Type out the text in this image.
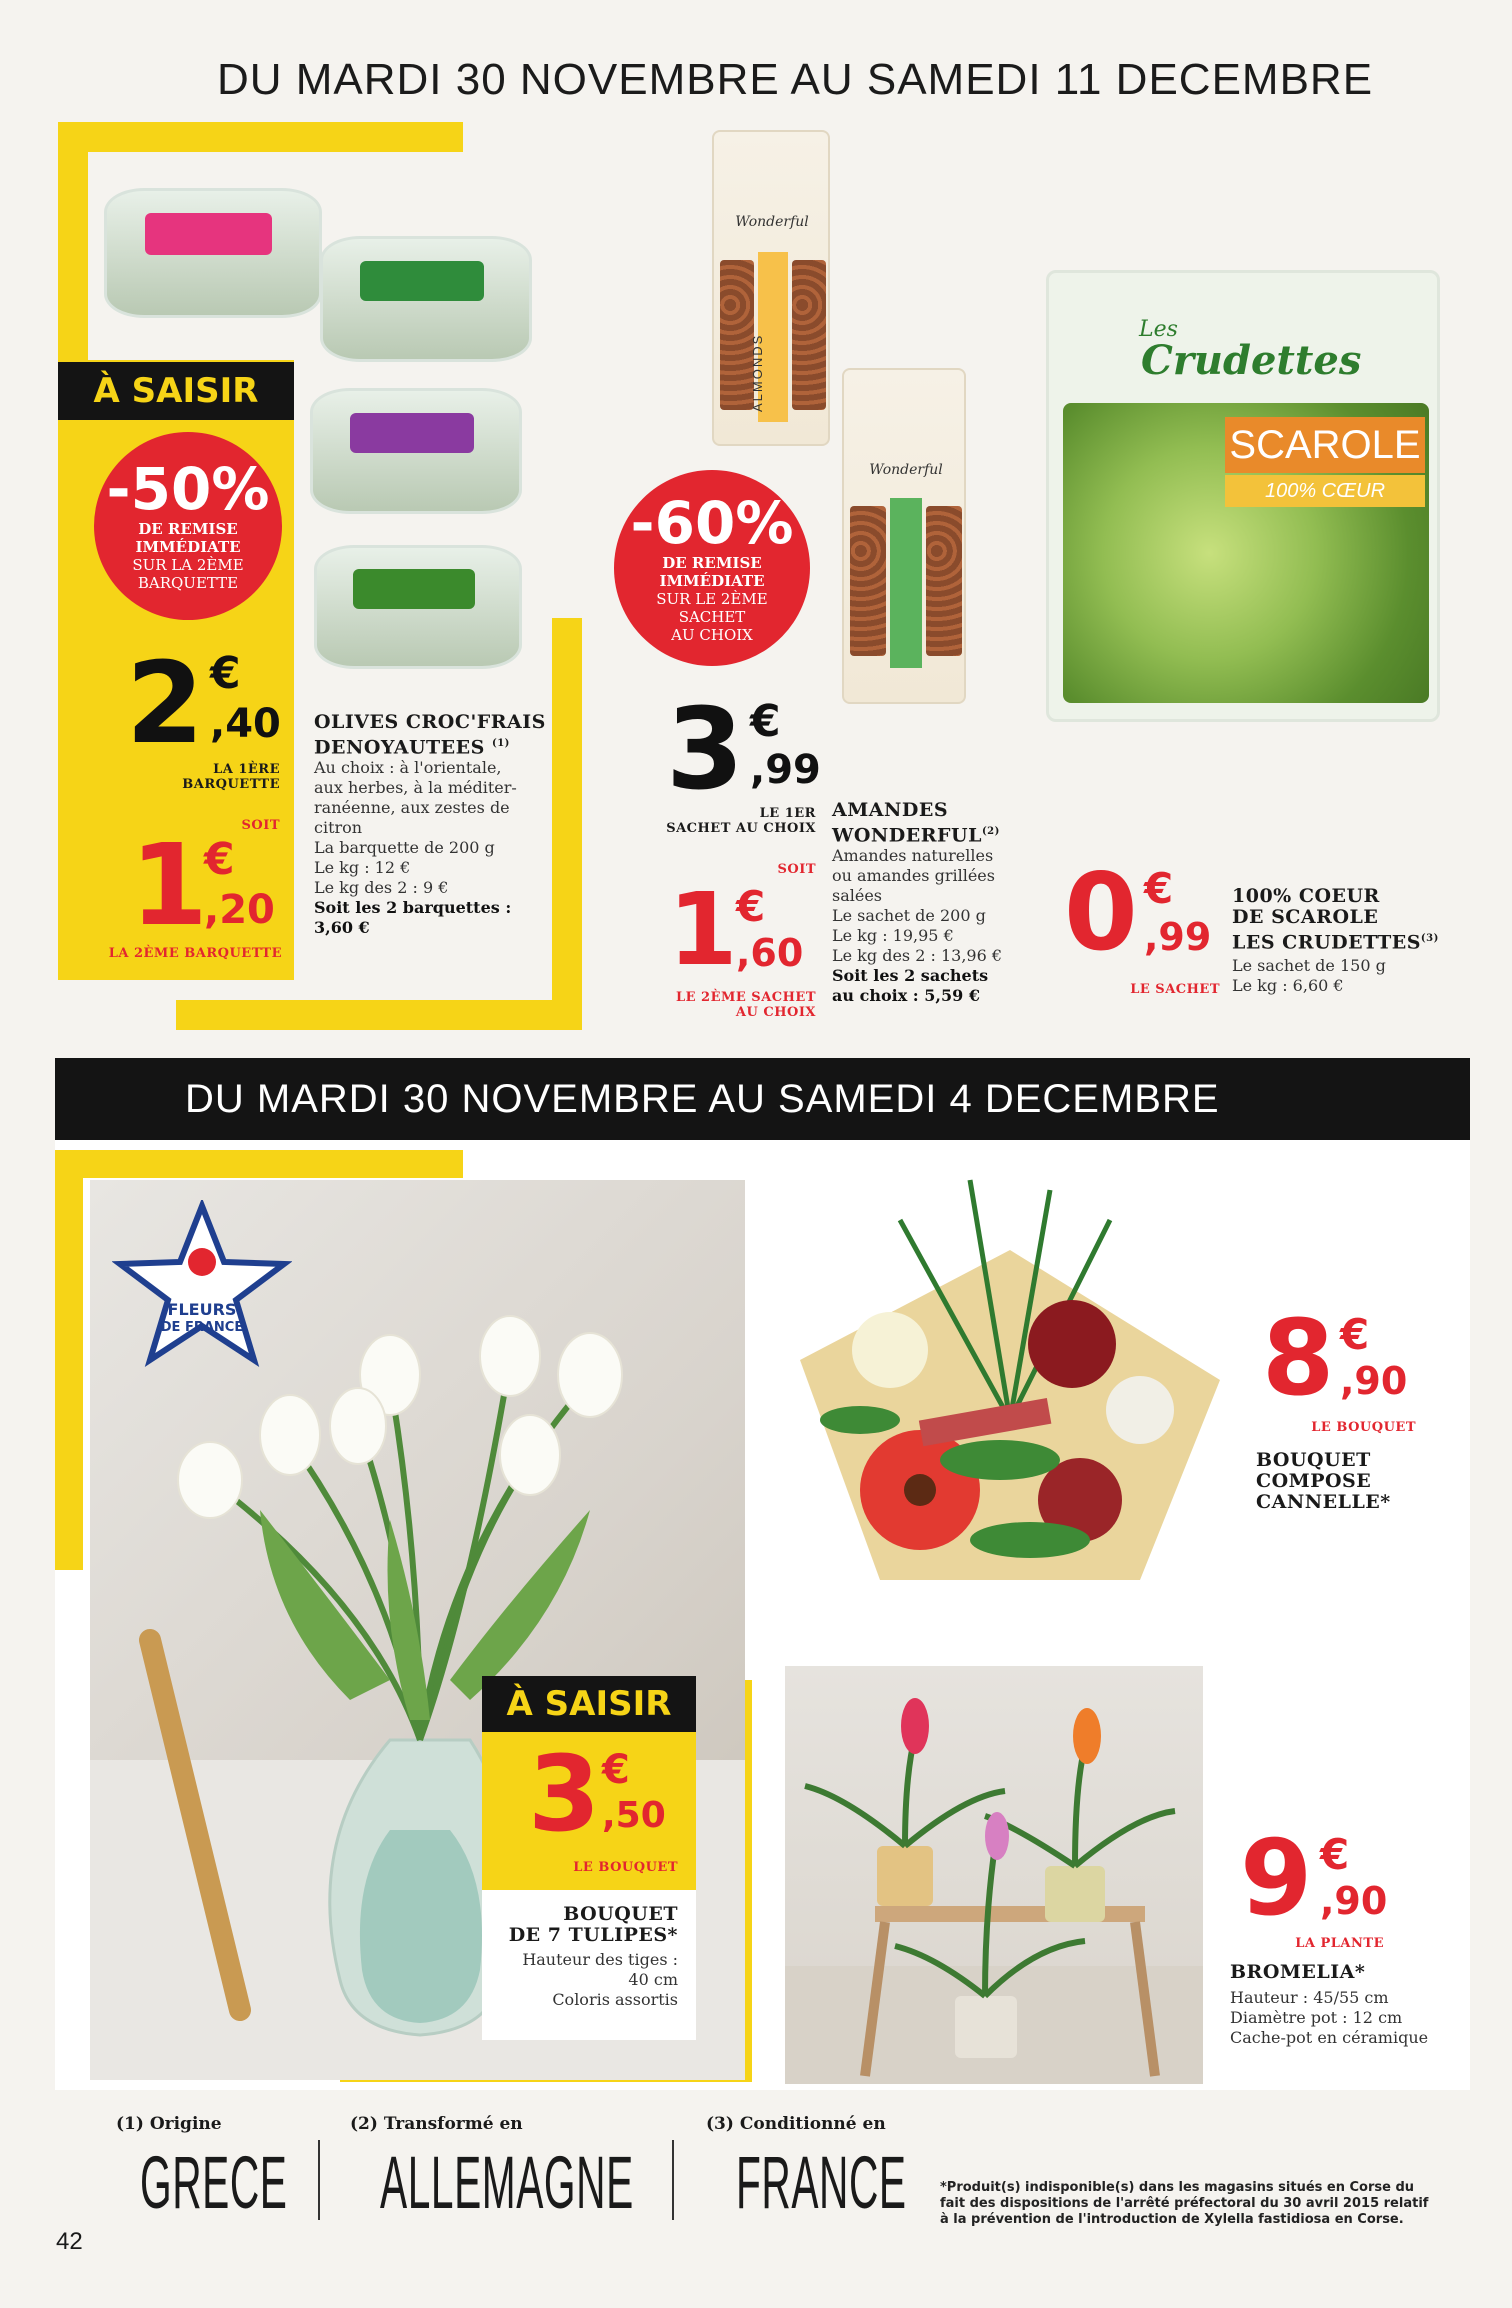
DU MARDI 30 NOVEMBRE AU SAMEDI 11 DECEMBRE
À SAISIR
-50%
DE REMISE
IMMÉDIATE
SUR LA 2ÈME
BARQUETTE
2 €
,40
LA 1ÈRE
BARQUETTE
SOIT
1
€
,20
LA 2ÈME BARQUETTE
OLIVES CROC'FRAIS
DENOYAUTEES $^{(1)}$
Au choix : à l'orientale,
aux herbes, à la méditer-
ranéenne, aux zestes de
citron
La barquette de 200 g
Le kg : 12 €
Le kg des 2 : 9 €
Soit les 2 barquettes :
3,60 €
Wonderful
ALMONDS
Wonderful
-60%
DE REMISE
IMMÉDIATE
SUR LE 2ÈME
SACHET
AU CHOIX
3 €
,99
LE 1ER
SACHET AU CHOIX
SOIT
1
€
,60
LE 2ÈME SACHET
AU CHOIX
AMANDES
WONDERFUL$^{(2)}$
Amandes naturelles
ou amandes grillées
salées
Le sachet de 200 g
Le kg : 19,95 €
Le kg des 2 : 13,96 €
Soit les 2 sachets
au choix : 5,59 €
Les
Crudettes
SCAROLE
100% CŒUR
0 €
,99
LE SACHET
100% COEUR
DE SCAROLE
LES CRUDETTES$^{(3)}$
Le sachet de 150 g
Le kg : 6,60 €
DU MARDI 30 NOVEMBRE AU SAMEDI 4 DECEMBRE
FLEURS
DE FRANCE
À SAISIR
3 €
,50
LE BOUQUET
BOUQUET
DE 7 TULIPES*
Hauteur des tiges :
40 cm
Coloris assortis
8 €
,90
LE BOUQUET
BOUQUET
COMPOSE
CANNELLE*
9 €
,90
LA PLANTE
BROMELIA*
Hauteur : 45/55 cm
Diamètre pot : 12 cm
Cache-pot en céramique
(1) Origine
GRECE
(2) Transformé en
ALLEMAGNE
(3) Conditionné en
FRANCE	*Produit(s) indisponible(s) dans les magasins situés en Corse du
fait des dispositions de l'arrêté préfectoral du 30 avril 2015 relatif
à la prévention de l'introduction de Xylella fastidiosa en Corse.
42
